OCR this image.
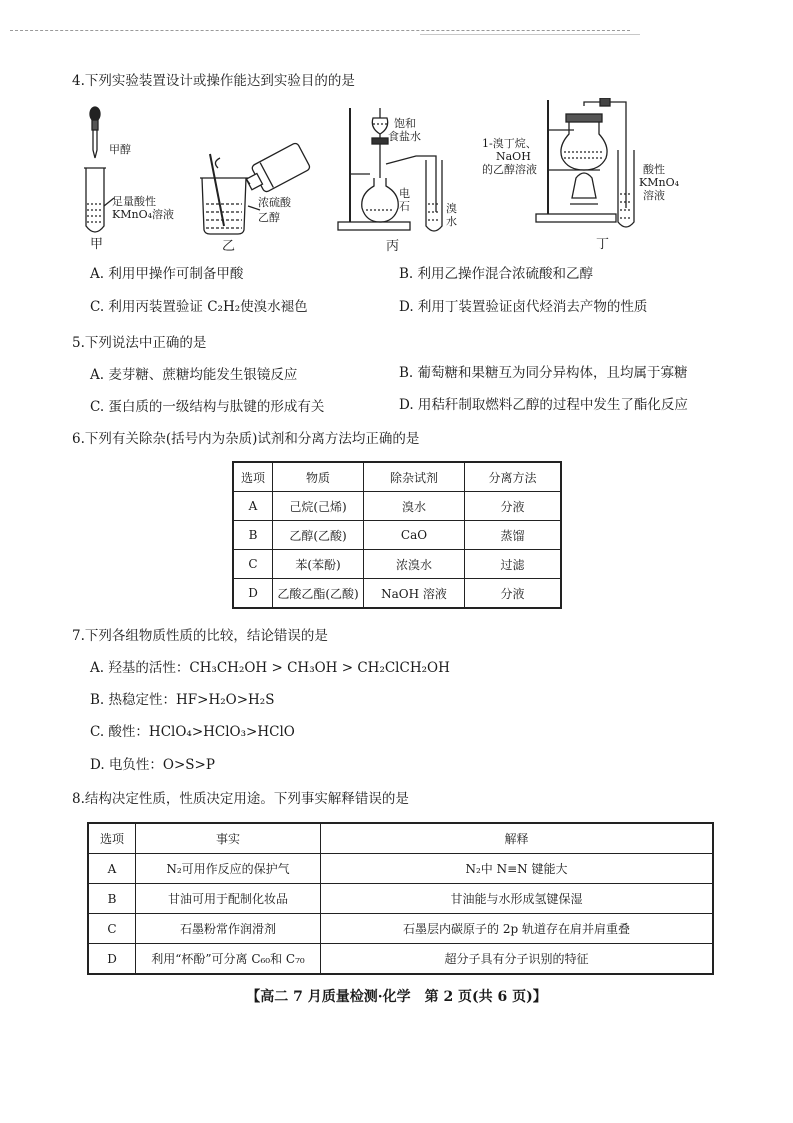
4.下列实验装置设计或操作能达到实验目的的是
甲醇
足量酸性
KMnO₄溶液
甲
浓硫酸
乙醇
乙
饱和
食盐水
电
石	溴
水
丙
1-溴丁烷、
NaOH
的乙醇溶液	酸性
KMnO₄
溶液
丁
A. 利用甲操作可制备甲酸	B. 利用乙操作混合浓硫酸和乙醇
C. 利用丙装置验证 C₂H₂使溴水褪色	D. 利用丁装置验证卤代烃消去产物的性质
5.下列说法中正确的是
A. 麦芽糖、蔗糖均能发生银镜反应	B. 葡萄糖和果糖互为同分异构体，且均属于寡糖
C. 蛋白质的一级结构与肽键的形成有关	D. 用秸秆制取燃料乙醇的过程中发生了酯化反应
6.下列有关除杂(括号内为杂质)试剂和分离方法均正确的是
选项	物质	除杂试剂	分离方法
A	己烷(己烯)	溴水	分液
B	乙醇(乙酸)	CaO	蒸馏
C	苯(苯酚)	浓溴水	过滤
D	乙酸乙酯(乙酸)	NaOH 溶液	分液
7.下列各组物质性质的比较，结论错误的是
A. 羟基的活性：CH₃CH₂OH > CH₃OH > CH₂ClCH₂OH
B. 热稳定性：HF>H₂O>H₂S
C. 酸性：HClO₄>HClO₃>HClO
D. 电负性：O>S>P
8.结构决定性质，性质决定用途。下列事实解释错误的是
选项	事实	解释
A	N₂可用作反应的保护气	N₂中 N≡N 键能大
B	甘油可用于配制化妆品	甘油能与水形成氢键保湿
C	石墨粉常作润滑剂	石墨层内碳原子的 2p 轨道存在肩并肩重叠
D	利用“杯酚”可分离 C₆₀和 C₇₀	超分子具有分子识别的特征
【高二 7 月质量检测·化学　第 2 页(共 6 页)】
